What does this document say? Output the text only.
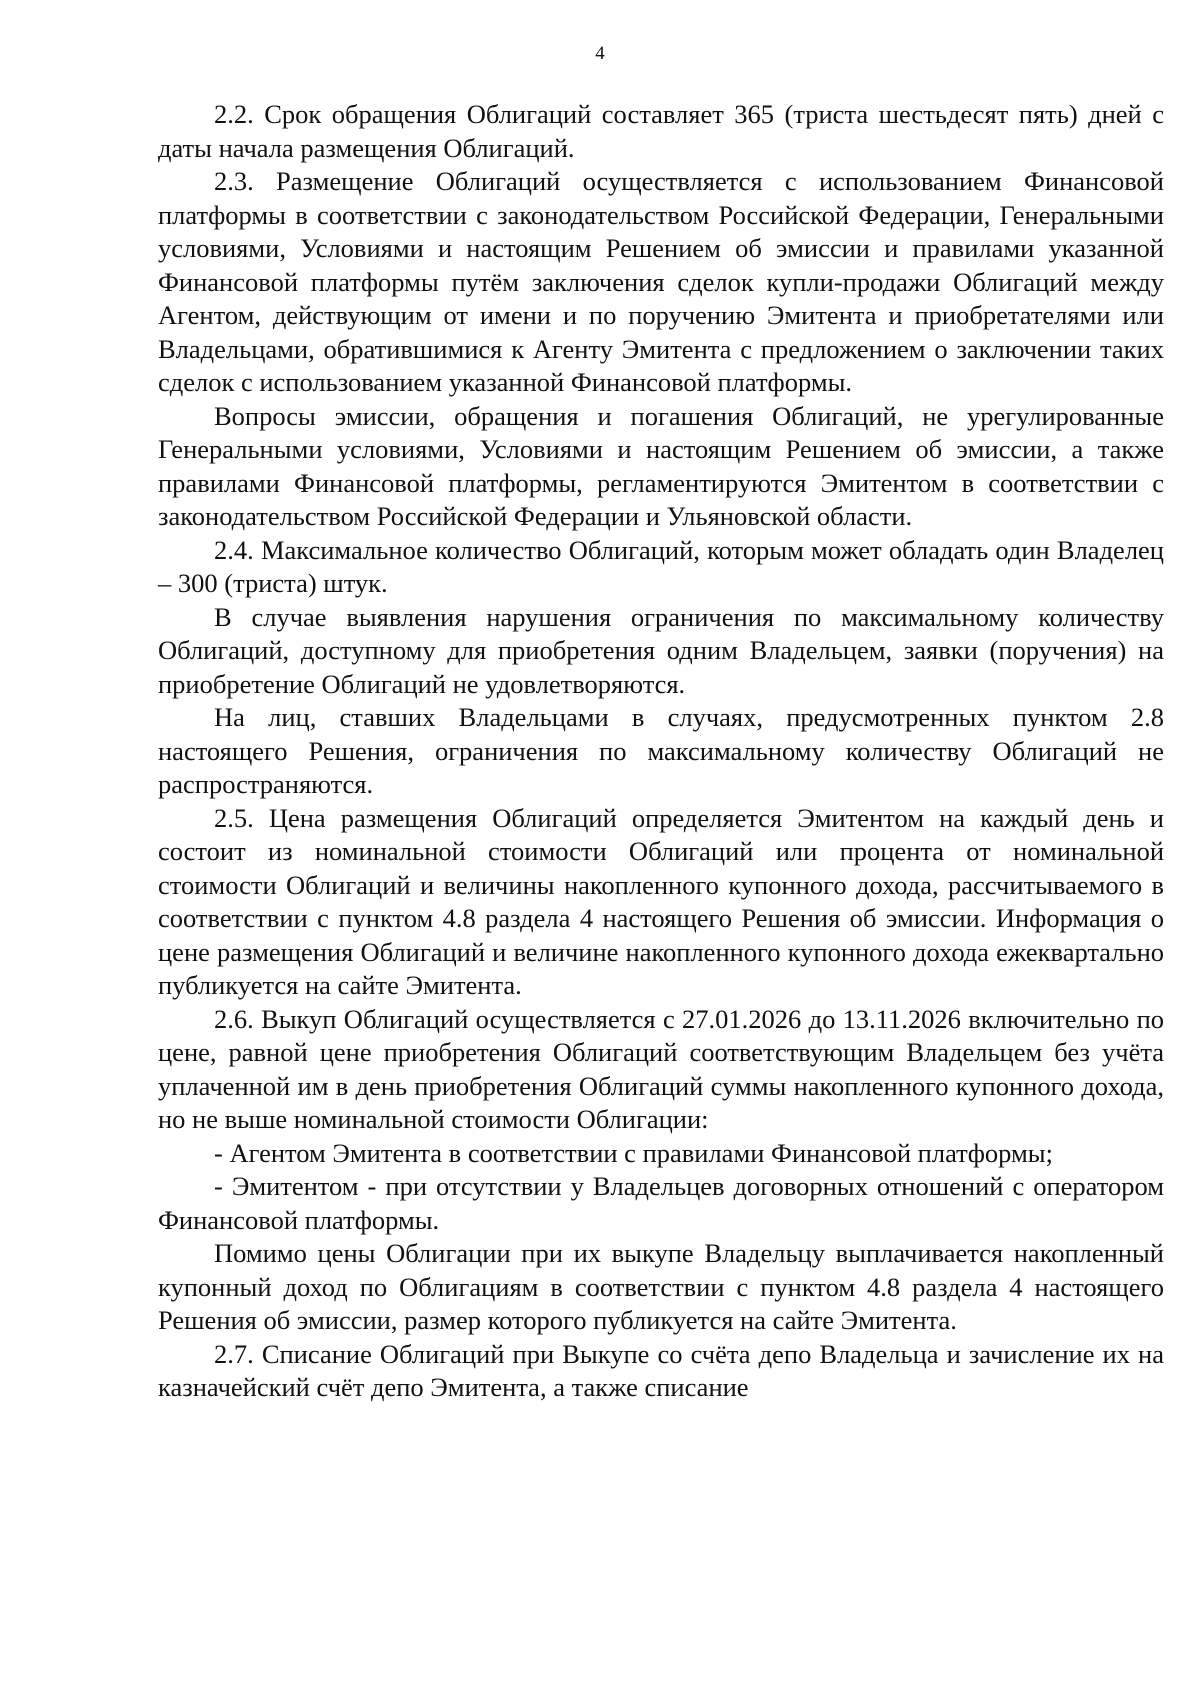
4

2.2. Срок обращения Облигаций составляет 365 (триста шестьдесят пять) дней с даты начала размещения Облигаций.

2.3. Размещение Облигаций осуществляется с использованием Финансовой платформы в соответствии с законодательством Российской Федерации, Генеральными условиями, Условиями и настоящим Решением об эмиссии и правилами указанной Финансовой платформы путём заключения сделок купли-продажи Облигаций между Агентом, действующим от имени и по поручению Эмитента и приобретателями или Владельцами, обратившимися к Агенту Эмитента с предложением о заключении таких сделок с использованием указанной Финансовой платформы.

Вопросы эмиссии, обращения и погашения Облигаций, не урегулированные Генеральными условиями, Условиями и настоящим Решением об эмиссии, а также правилами Финансовой платформы, регламентируются Эмитентом в соответствии с законодательством Российской Федерации и Ульяновской области.

2.4. Максимальное количество Облигаций, которым может обладать один Владелец – 300 (триста) штук.

В случае выявления нарушения ограничения по максимальному количеству Облигаций, доступному для приобретения одним Владельцем, заявки (поручения) на приобретение Облигаций не удовлетворяются.

На лиц, ставших Владельцами в случаях, предусмотренных пунктом 2.8 настоящего Решения, ограничения по максимальному количеству Облигаций не распространяются.

2.5. Цена размещения Облигаций определяется Эмитентом на каждый день и состоит из номинальной стоимости Облигаций или процента от номинальной стоимости Облигаций и величины накопленного купонного дохода, рассчитываемого в соответствии с пунктом 4.8 раздела 4 настоящего Решения об эмиссии. Информация о цене размещения Облигаций и величине накопленного купонного дохода ежеквартально публикуется на сайте Эмитента.

2.6. Выкуп Облигаций осуществляется с 27.01.2026 до 13.11.2026 включительно по цене, равной цене приобретения Облигаций соответствующим Владельцем без учёта уплаченной им в день приобретения Облигаций суммы накопленного купонного дохода, но не выше номинальной стоимости Облигации:

- Агентом Эмитента в соответствии с правилами Финансовой платформы;

- Эмитентом - при отсутствии у Владельцев договорных отношений с оператором Финансовой платформы.

Помимо цены Облигации при их выкупе Владельцу выплачивается накопленный купонный доход по Облигациям в соответствии с пунктом 4.8 раздела 4 настоящего Решения об эмиссии, размер которого публикуется на сайте Эмитента.

2.7. Списание Облигаций при Выкупе со счёта депо Владельца и зачисление их на казначейский счёт депо Эмитента, а также списание
